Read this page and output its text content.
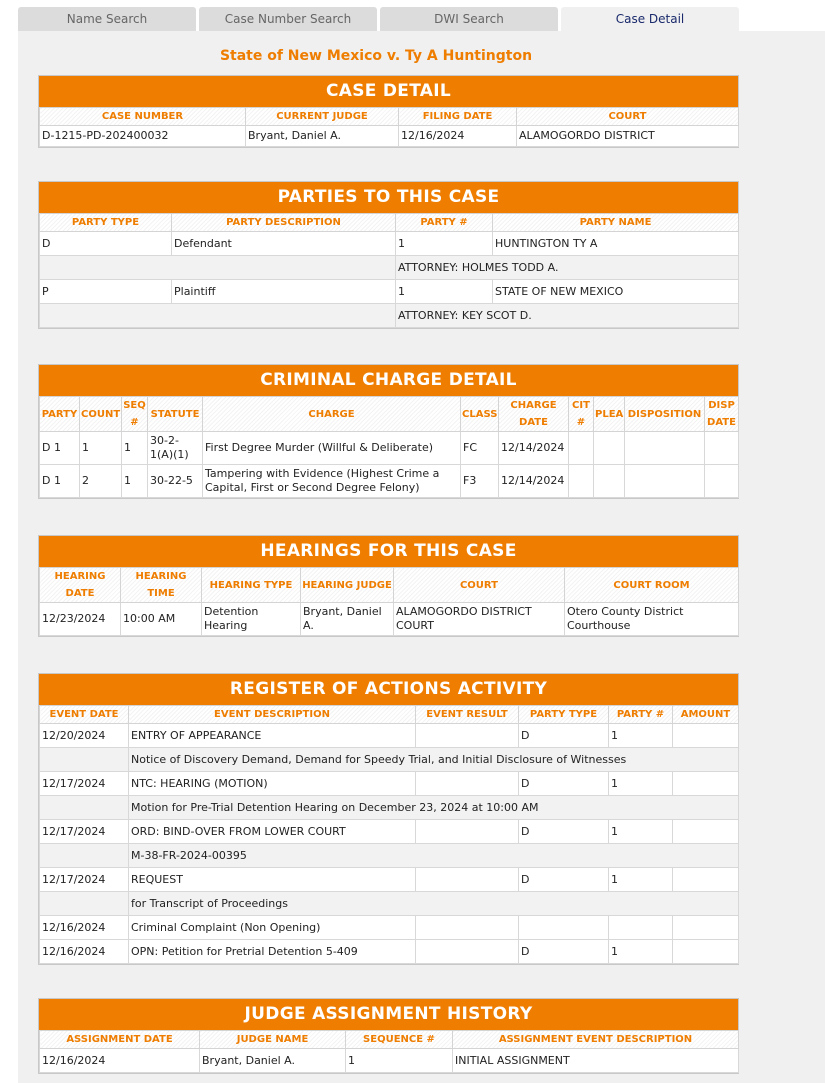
Name Search	Case Number Search	DWI Search	Case Detail
State of New Mexico v. Ty A Huntington
CASE DETAIL
CASE NUMBER	CURRENT JUDGE	FILING DATE	COURT
D-1215-PD-202400032	Bryant, Daniel A.	12/16/2024	ALAMOGORDO DISTRICT
PARTIES TO THIS CASE
PARTY TYPE	PARTY DESCRIPTION	PARTY #	PARTY NAME
D	Defendant	1	HUNTINGTON TY A
		ATTORNEY: HOLMES TODD A.	
P	Plaintiff	1	STATE OF NEW MEXICO
		ATTORNEY: KEY SCOT D.	
CRIMINAL CHARGE DETAIL
PARTY	COUNT	SEQ #	STATUTE	CHARGE	CLASS	CHARGE DATE	CIT #	PLEA	DISPOSITION	DISP DATE
D 1	1	1	30-2-1(A)(1)	First Degree Murder (Willful & Deliberate)	FC	12/14/2024				
D 1	2	1	30-22-5	Tampering with Evidence (Highest Crime a Capital, First or Second Degree Felony)	F3	12/14/2024				
HEARINGS FOR THIS CASE
HEARING DATE	HEARING TIME	HEARING TYPE	HEARING JUDGE	COURT	COURT ROOM
12/23/2024	10:00 AM	Detention Hearing	Bryant, Daniel A.	ALAMOGORDO DISTRICT COURT	Otero County District Courthouse
REGISTER OF ACTIONS ACTIVITY
EVENT DATE	EVENT DESCRIPTION	EVENT RESULT	PARTY TYPE	PARTY #	AMOUNT
12/20/2024	ENTRY OF APPEARANCE		D	1	
	Notice of Discovery Demand, Demand for Speedy Trial, and Initial Disclosure of Witnesses				
12/17/2024	NTC: HEARING (MOTION)		D	1	
	Motion for Pre-Trial Detention Hearing on December 23, 2024 at 10:00 AM				
12/17/2024	ORD: BIND-OVER FROM LOWER COURT		D	1	
	M-38-FR-2024-00395				
12/17/2024	REQUEST		D	1	
	for Transcript of Proceedings				
12/16/2024	Criminal Complaint (Non Opening)				
12/16/2024	OPN: Petition for Pretrial Detention 5-409		D	1	
JUDGE ASSIGNMENT HISTORY
ASSIGNMENT DATE	JUDGE NAME	SEQUENCE #	ASSIGNMENT EVENT DESCRIPTION
12/16/2024	Bryant, Daniel A.	1	INITIAL ASSIGNMENT
